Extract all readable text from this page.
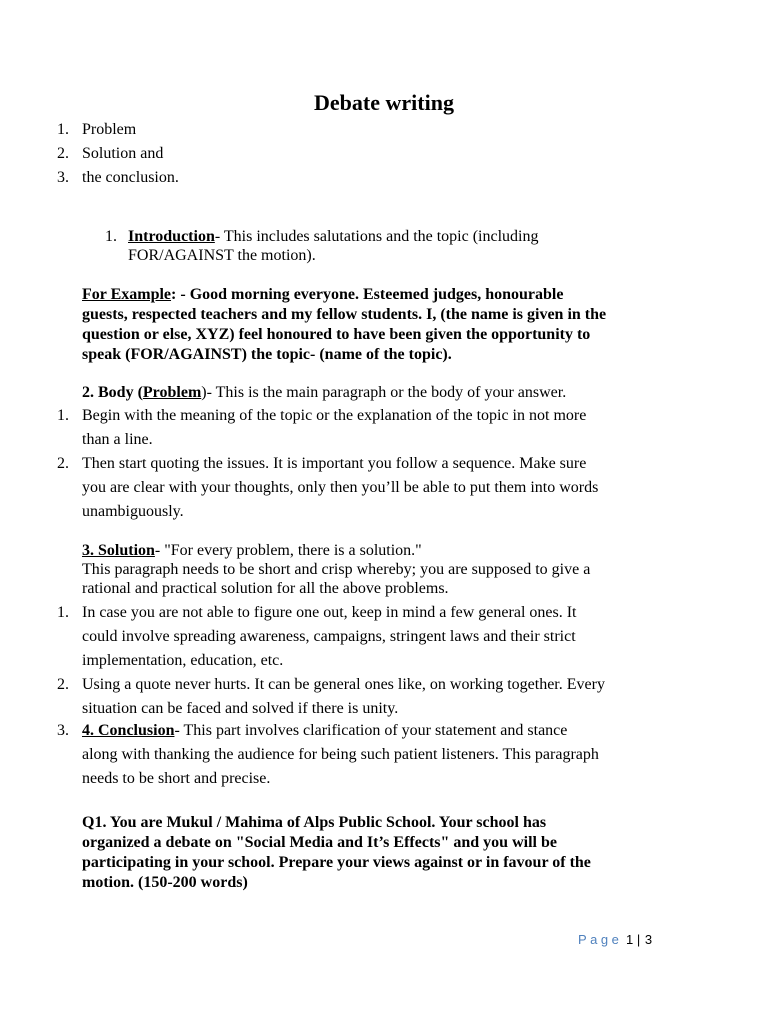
Debate writing
1. Problem
2. Solution and
3. the conclusion.
1. Introduction- This includes salutations and the topic (including
FOR/AGAINST the motion).
For Example: - Good morning everyone. Esteemed judges, honourable
guests, respected teachers and my fellow students. I, (the name is given in the
question or else, XYZ) feel honoured to have been given the opportunity to
speak (FOR/AGAINST) the topic- (name of the topic).
2. Body (Problem)- This is the main paragraph or the body of your answer.
1. Begin with the meaning of the topic or the explanation of the topic in not more
than a line.
2. Then start quoting the issues. It is important you follow a sequence. Make sure
you are clear with your thoughts, only then you’ll be able to put them into words
unambiguously.
3. Solution- "For every problem, there is a solution."
This paragraph needs to be short and crisp whereby; you are supposed to give a
rational and practical solution for all the above problems.
1. In case you are not able to figure one out, keep in mind a few general ones. It
could involve spreading awareness, campaigns, stringent laws and their strict
implementation, education, etc.
2. Using a quote never hurts. It can be general ones like, on working together. Every
situation can be faced and solved if there is unity.
3. 4. Conclusion- This part involves clarification of your statement and stance
along with thanking the audience for being such patient listeners. This paragraph
needs to be short and precise.
Q1. You are Mukul / Mahima of Alps Public School. Your school has
organized a debate on "Social Media and It’s Effects" and you will be
participating in your school. Prepare your views against or in favour of the
motion. (150-200 words)
Page 1 | 3
